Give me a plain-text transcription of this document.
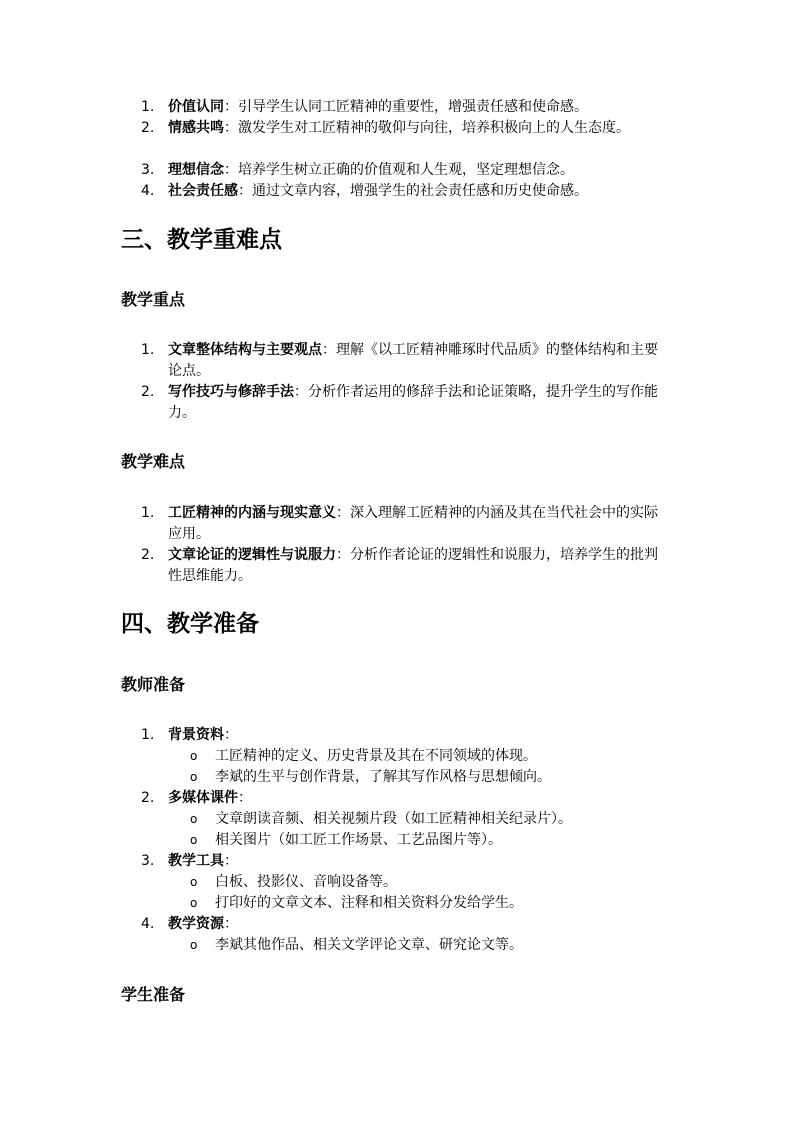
1. 价值认同：引导学生认同工匠精神的重要性，增强责任感和使命感。
2. 情感共鸣：激发学生对工匠精神的敬仰与向往，培养积极向上的人生态度。
3. 理想信念：培养学生树立正确的价值观和人生观，坚定理想信念。
4. 社会责任感：通过文章内容，增强学生的社会责任感和历史使命感。
三、教学重难点
教学重点
1. 文章整体结构与主要观点：理解《以工匠精神雕琢时代品质》的整体结构和主要论点。
2. 写作技巧与修辞手法：分析作者运用的修辞手法和论证策略，提升学生的写作能力。
教学难点
1. 工匠精神的内涵与现实意义：深入理解工匠精神的内涵及其在当代社会中的实际应用。
2. 文章论证的逻辑性与说服力：分析作者论证的逻辑性和说服力，培养学生的批判性思维能力。
四、教学准备
教师准备
1. 背景资料：
o	工匠精神的定义、历史背景及其在不同领域的体现。
o	李斌的生平与创作背景，了解其写作风格与思想倾向。
2. 多媒体课件：
o	文章朗读音频、相关视频片段（如工匠精神相关纪录片）。
o	相关图片（如工匠工作场景、工艺品图片等）。
3. 教学工具：
o	白板、投影仪、音响设备等。
o	打印好的文章文本、注释和相关资料分发给学生。
4. 教学资源：
o	李斌其他作品、相关文学评论文章、研究论文等。
学生准备
